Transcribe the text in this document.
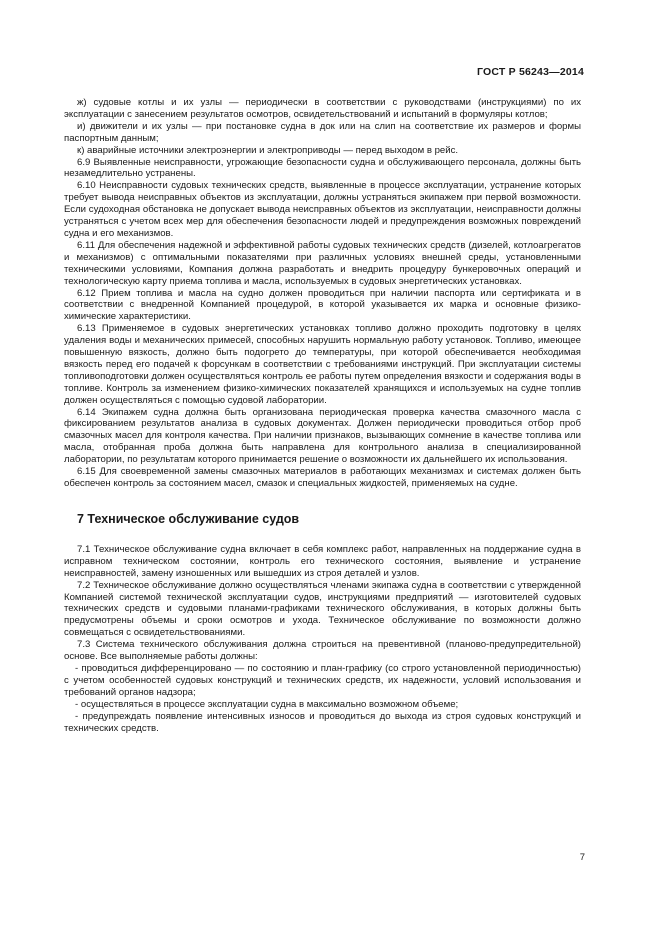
ГОСТ Р 56243—2014

ж) судовые котлы и их узлы — периодически в соответствии с руководствами (инструкциями) по их эксплуатации с занесением результатов осмотров, освидетельствований и испытаний в формуляры котлов;

и) движители и их узлы — при постановке судна в док или на слип на соответствие их размеров и формы паспортным данным;

к) аварийные источники электроэнергии и электроприводы — перед выходом в рейс.

6.9 Выявленные неисправности, угрожающие безопасности судна и обслуживающего персонала, должны быть незамедлительно устранены.

6.10 Неисправности судовых технических средств, выявленные в процессе эксплуатации, устранение которых требует вывода неисправных объектов из эксплуатации, должны устраняться экипажем при первой возможности. Если судоходная обстановка не допускает вывода неисправных объектов из эксплуатации, неисправности должны устраняться с учетом всех мер для обеспечения безопасности людей и предупреждения возможных повреждений судна и его механизмов.

6.11 Для обеспечения надежной и эффективной работы судовых технических средств (дизелей, котлоагрегатов и механизмов) с оптимальными показателями при различных условиях внешней среды, установленными техническими условиями, Компания должна разработать и внедрить процедуру бункеровочных операций и технологическую карту приема топлива и масла, используемых в судовых энергетических установках.

6.12 Прием топлива и масла на судно должен проводиться при наличии паспорта или сертификата и в соответствии с внедренной Компанией процедурой, в которой указывается их марка и основные физико-химические характеристики.

6.13 Применяемое в судовых энергетических установках топливо должно проходить подготовку в целях удаления воды и механических примесей, способных нарушить нормальную работу установок. Топливо, имеющее повышенную вязкость, должно быть подогрето до температуры, при которой обеспечивается необходимая вязкость перед его подачей к форсункам в соответствии с требованиями инструкций. При эксплуатации системы топливоподготовки должен осуществляться контроль ее работы путем определения вязкости и содержания воды в топливе. Контроль за изменением физико-химических показателей хранящихся и используемых на судне топлив должен осуществляться с помощью судовой лаборатории.

6.14 Экипажем судна должна быть организована периодическая проверка качества смазочного масла с фиксированием результатов анализа в судовых документах. Должен периодически проводиться отбор проб смазочных масел для контроля качества. При наличии признаков, вызывающих сомнение в качестве топлива или масла, отобранная проба должна быть направлена для контрольного анализа в специализированной лаборатории, по результатам которого принимается решение о возможности их дальнейшего их использования.

6.15 Для своевременной замены смазочных материалов в работающих механизмах и системах должен быть обеспечен контроль за состоянием масел, смазок и специальных жидкостей, применяемых на судне.

7 Техническое обслуживание судов

7.1 Техническое обслуживание судна включает в себя комплекс работ, направленных на поддержание судна в исправном техническом состоянии, контроль его технического состояния, выявление и устранение неисправностей, замену изношенных или вышедших из строя деталей и узлов.

7.2 Техническое обслуживание должно осуществляться членами экипажа судна в соответствии с утвержденной Компанией системой технической эксплуатации судов, инструкциями предприятий — изготовителей судовых технических средств и судовыми планами-графиками технического обслуживания, в которых должны быть предусмотрены объемы и сроки осмотров и ухода. Техническое обслуживание по возможности должно совмещаться с освидетельствованиями.

7.3 Система технического обслуживания должна строиться на превентивной (планово-предупредительной) основе. Все выполняемые работы должны:

- проводиться дифференцировано — по состоянию и план-графику (со строго установленной периодичностью) с учетом особенностей судовых конструкций и технических средств, их надежности, условий использования и требований органов надзора;

- осуществляться в процессе эксплуатации судна в максимально возможном объеме;

- предупреждать появление интенсивных износов и проводиться до выхода из строя судовых конструкций и технических средств.

7
